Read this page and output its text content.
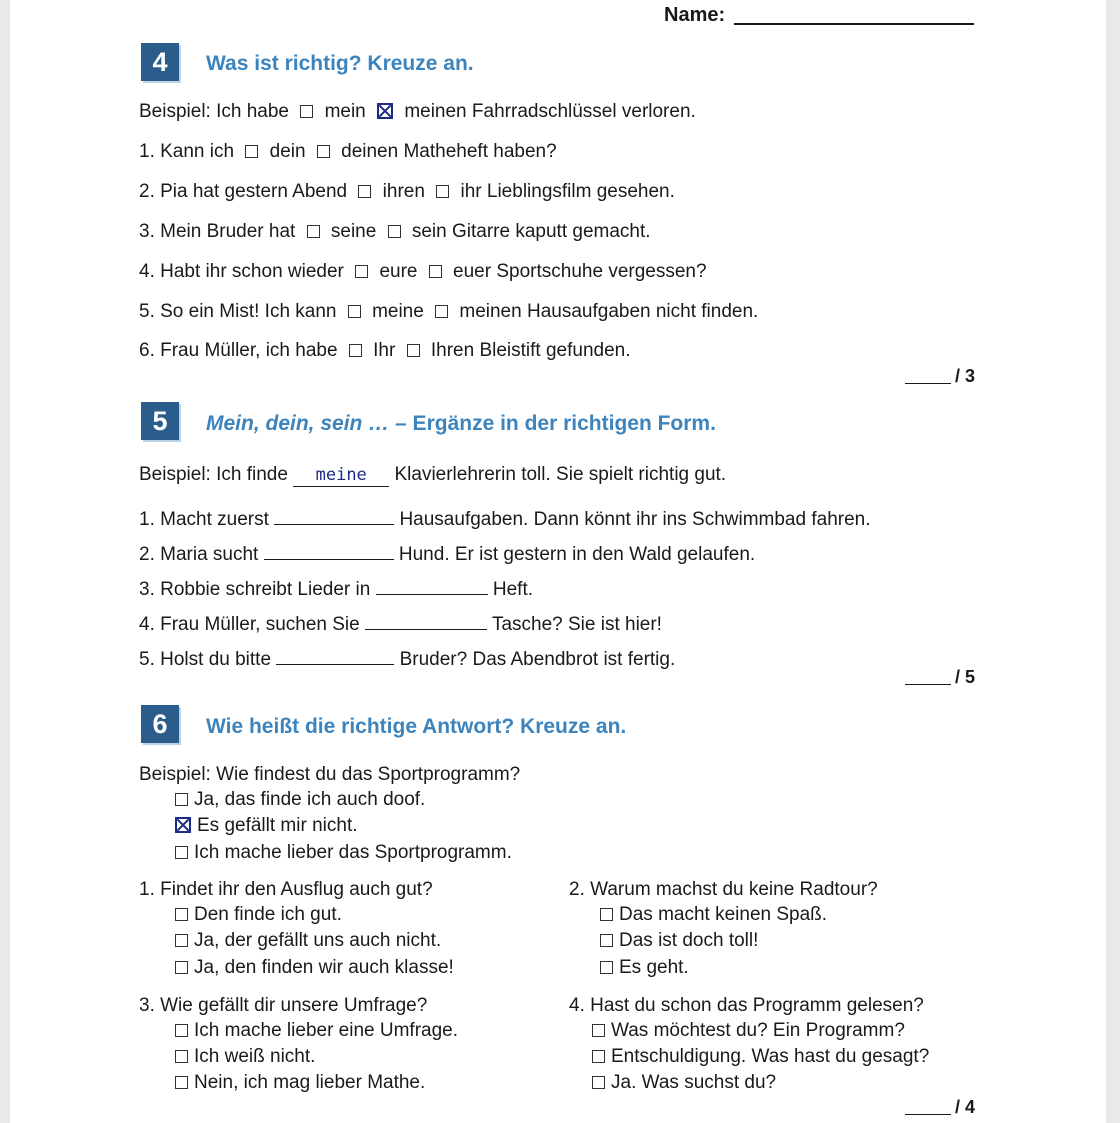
Name:
4	Was ist richtig? Kreuze an.
Beispiel: Ich habe mein meinen Fahrradschlüssel verloren.
1. Kann ich dein deinen Matheheft haben?
2. Pia hat gestern Abend ihren ihr Lieblingsfilm gesehen.
3. Mein Bruder hat seine sein Gitarre kaputt gemacht.
4. Habt ihr schon wieder eure euer Sportschuhe vergessen?
5. So ein Mist! Ich kann meine meinen Hausaufgaben nicht finden.
6. Frau Müller, ich habe Ihr Ihren Bleistift gefunden.
/ 3
5	Mein, dein, sein … – Ergänze in der richtigen Form.
Beispiel: Ich finde meine Klavierlehrerin toll. Sie spielt richtig gut.
1. Macht zuerst	Hausaufgaben. Dann könnt ihr ins Schwimmbad fahren.
2. Maria sucht	Hund. Er ist gestern in den Wald gelaufen.
3. Robbie schreibt Lieder in	Heft.
4. Frau Müller, suchen Sie	Tasche? Sie ist hier!
5. Holst du bitte	Bruder? Das Abendbrot ist fertig.
/ 5
6	Wie heißt die richtige Antwort? Kreuze an.
Beispiel: Wie findest du das Sportprogramm?
Ja, das finde ich auch doof.
Es gefällt mir nicht.
Ich mache lieber das Sportprogramm.
1. Findet ihr den Ausflug auch gut?
Den finde ich gut.
Ja, der gefällt uns auch nicht.
Ja, den finden wir auch klasse!
2. Warum machst du keine Radtour?
Das macht keinen Spaß.
Das ist doch toll!
Es geht.
3. Wie gefällt dir unsere Umfrage?
Ich mache lieber eine Umfrage.
Ich weiß nicht.
Nein, ich mag lieber Mathe.
4. Hast du schon das Programm gelesen?
Was möchtest du? Ein Programm?
Entschuldigung. Was hast du gesagt?
Ja. Was suchst du?
/ 4
